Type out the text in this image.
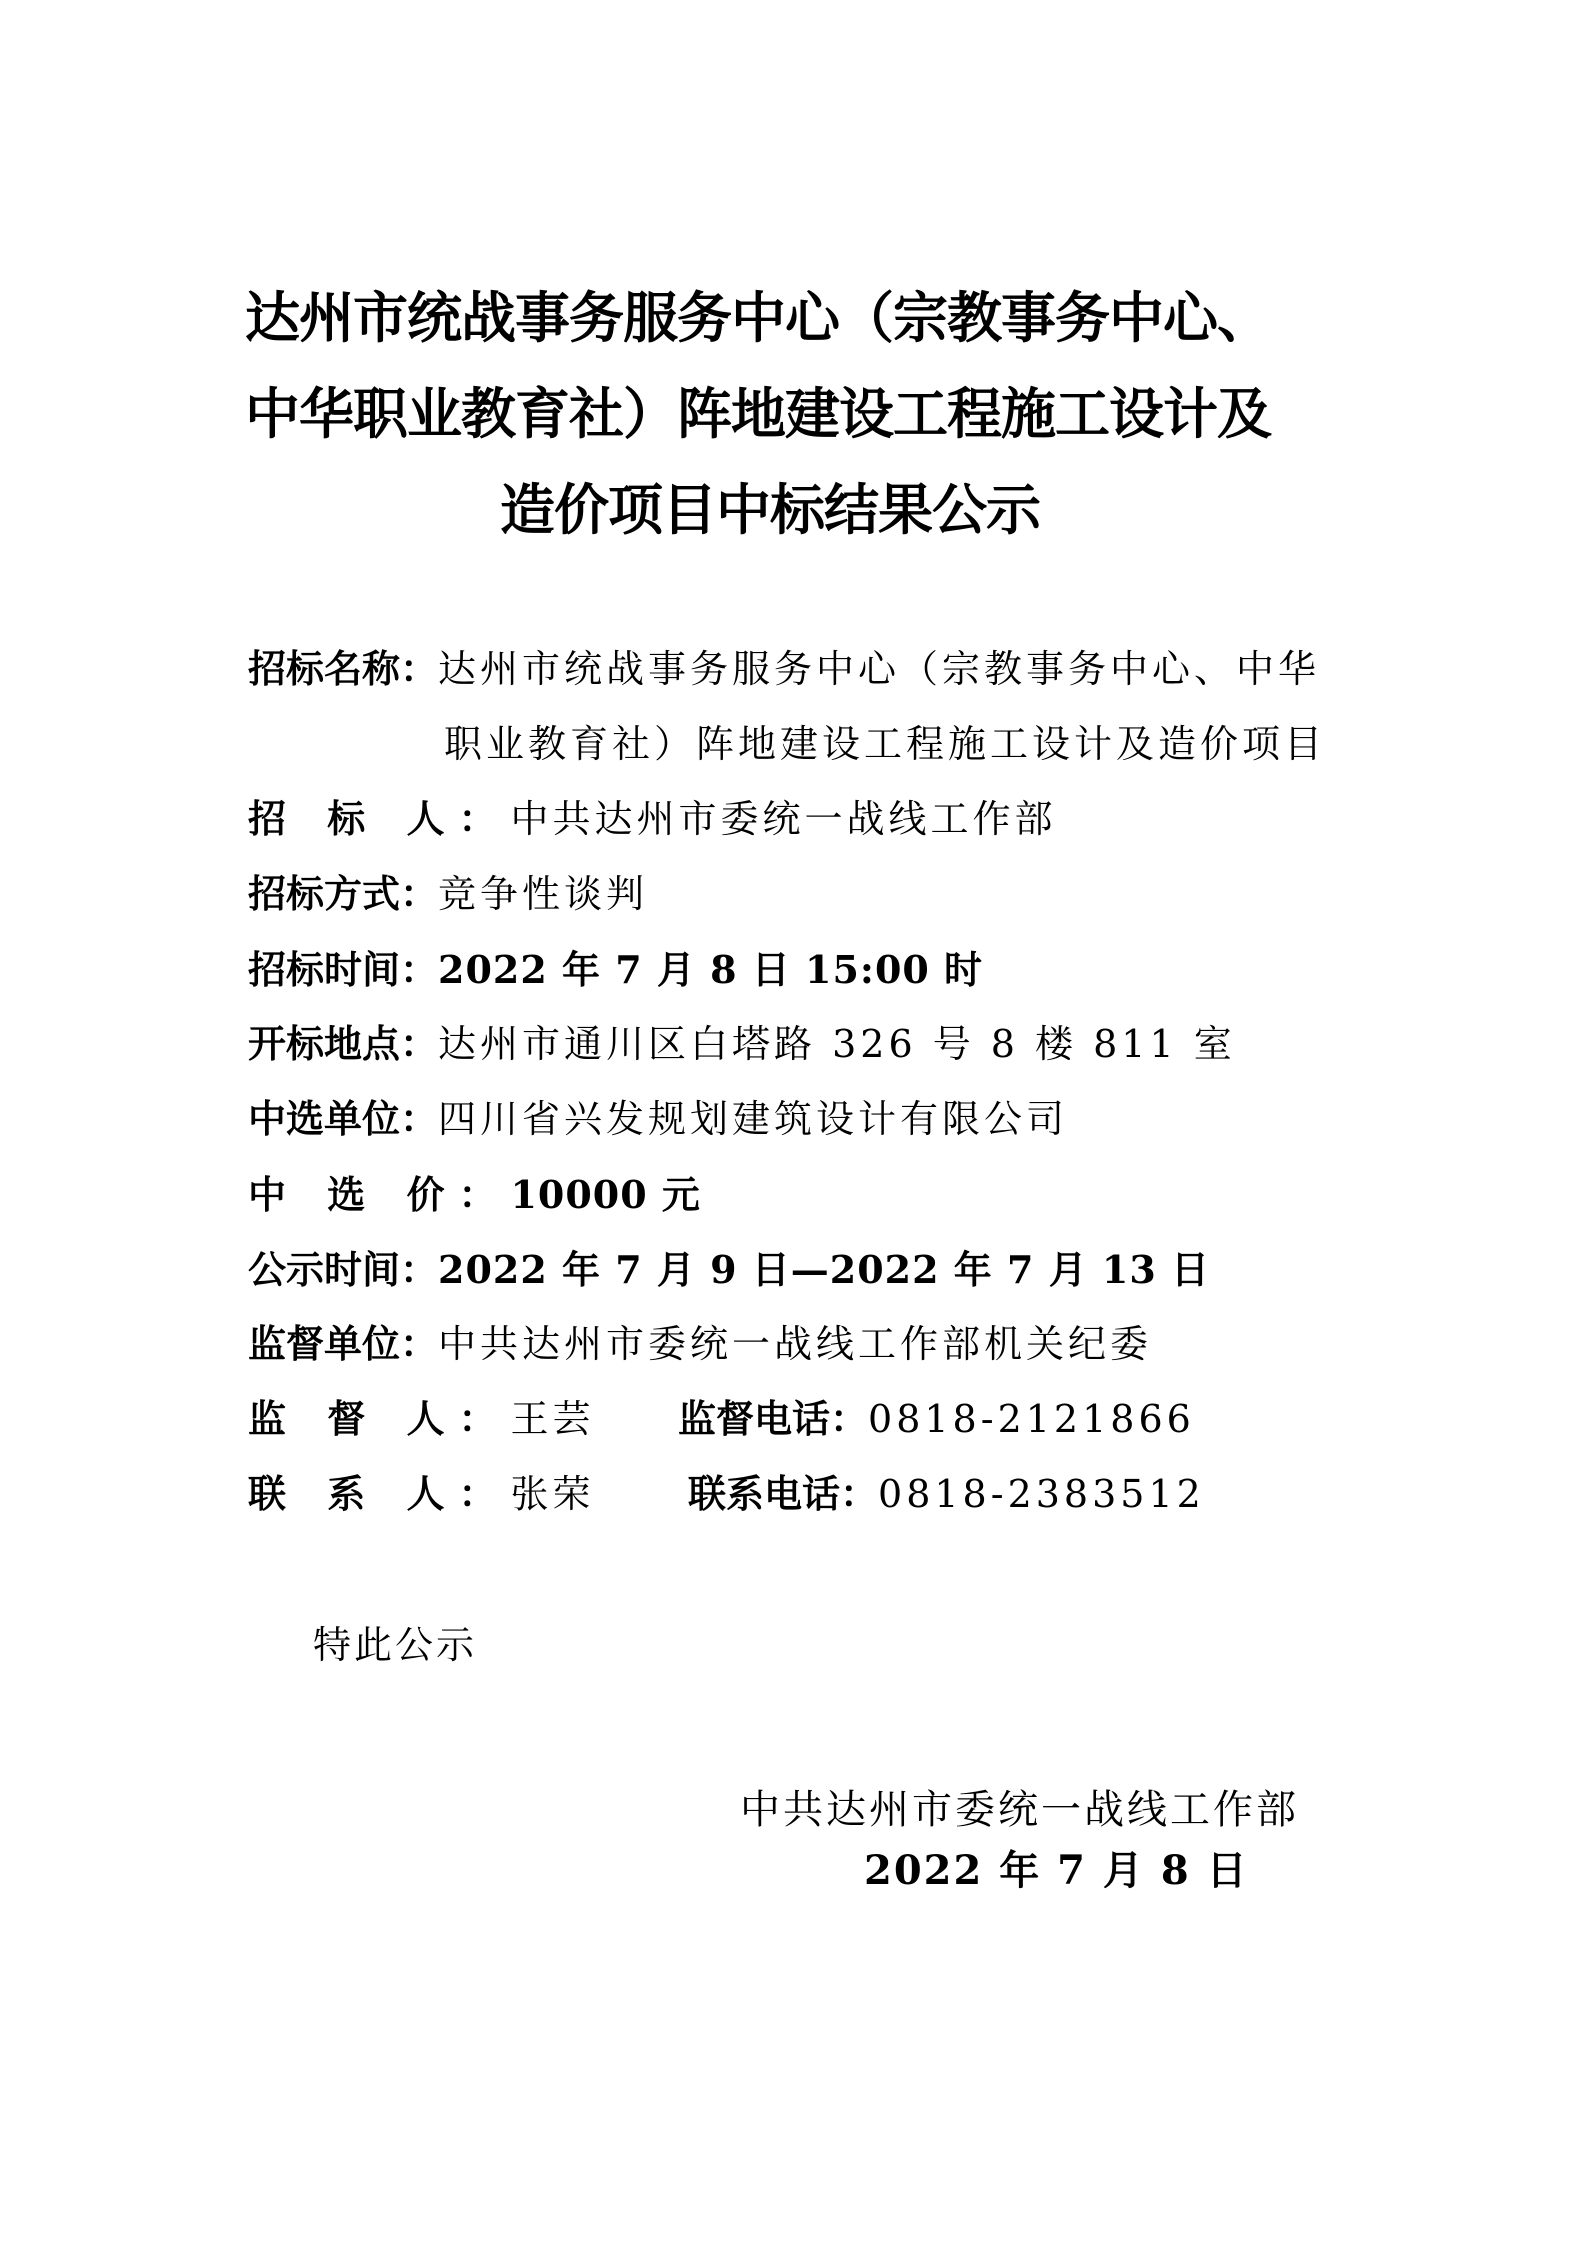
达州市统战事务服务中心（宗教事务中心、
中华职业教育社）阵地建设工程施工设计及
造价项目中标结果公示
招标名称：达州市统战事务服务中心（宗教事务中心、中华
职业教育社）阵地建设工程施工设计及造价项目
招 标 人：中共达州市委统一战线工作部
招标方式：竞争性谈判
招标时间：2022 年 7 月 8 日 15:00 时
开标地点：达州市通川区白塔路 326 号 8 楼 811 室
中选单位：四川省兴发规划建筑设计有限公司
中 选 价：10000 元
公示时间：2022 年 7 月 9 日—2022 年 7 月 13 日
监督单位：中共达州市委统一战线工作部机关纪委
监 督 人：王芸 监督电话：0818-2121866
联 系 人：张荣 联系电话：0818-2383512
特此公示
中共达州市委统一战线工作部
2022 年 7 月 8 日
